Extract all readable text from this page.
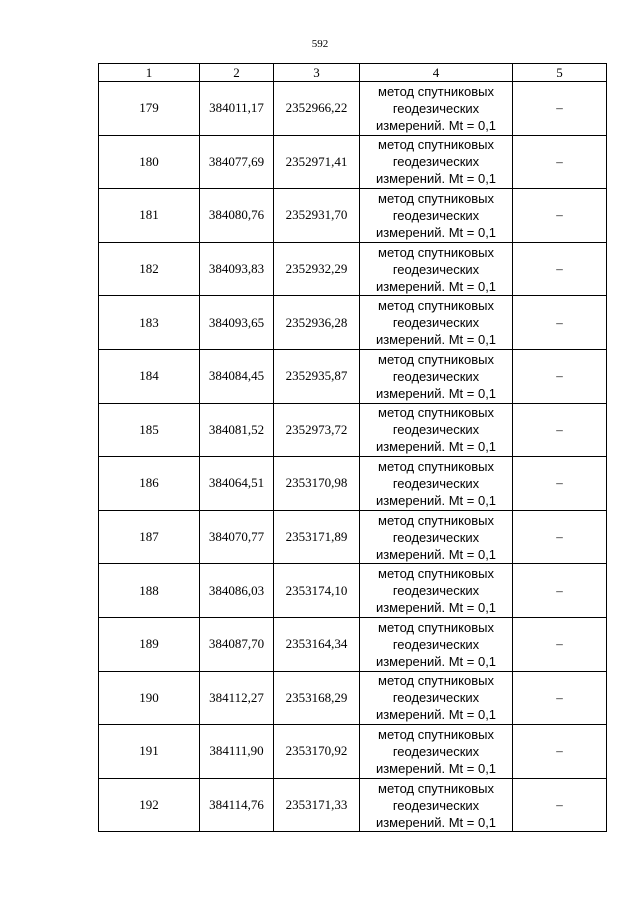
592
1	2	3	4	5
179	384011,17	2352966,22	метод спутниковых
геодезических
измерений. Mt = 0,1	–
180	384077,69	2352971,41	метод спутниковых
геодезических
измерений. Mt = 0,1	–
181	384080,76	2352931,70	метод спутниковых
геодезических
измерений. Mt = 0,1	–
182	384093,83	2352932,29	метод спутниковых
геодезических
измерений. Mt = 0,1	–
183	384093,65	2352936,28	метод спутниковых
геодезических
измерений. Mt = 0,1	–
184	384084,45	2352935,87	метод спутниковых
геодезических
измерений. Mt = 0,1	–
185	384081,52	2352973,72	метод спутниковых
геодезических
измерений. Mt = 0,1	–
186	384064,51	2353170,98	метод спутниковых
геодезических
измерений. Mt = 0,1	–
187	384070,77	2353171,89	метод спутниковых
геодезических
измерений. Mt = 0,1	–
188	384086,03	2353174,10	метод спутниковых
геодезических
измерений. Mt = 0,1	–
189	384087,70	2353164,34	метод спутниковых
геодезических
измерений. Mt = 0,1	–
190	384112,27	2353168,29	метод спутниковых
геодезических
измерений. Mt = 0,1	–
191	384111,90	2353170,92	метод спутниковых
геодезических
измерений. Mt = 0,1	–
192	384114,76	2353171,33	метод спутниковых
геодезических
измерений. Mt = 0,1	–
